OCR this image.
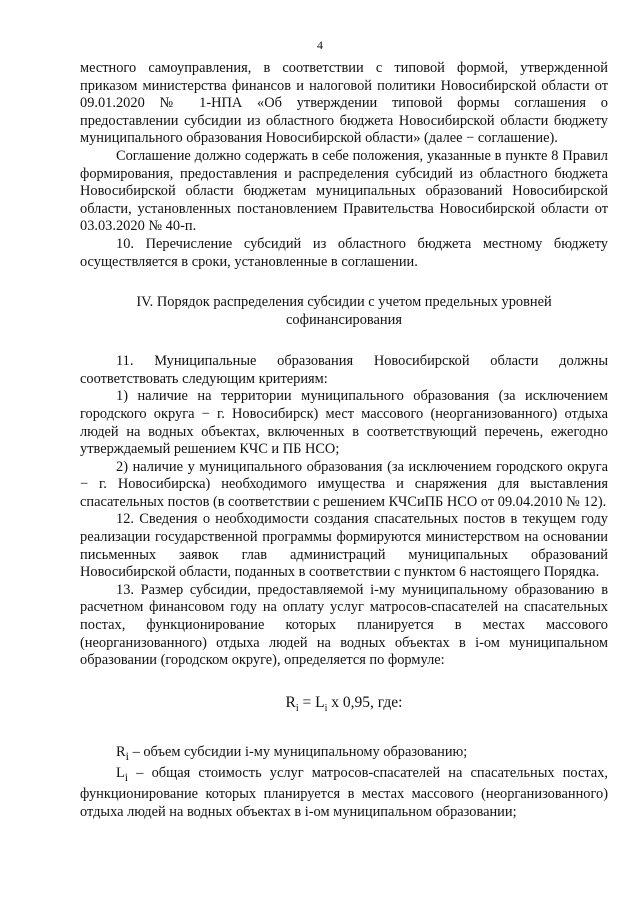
4

местного самоуправления, в соответствии с типовой формой, утвержденной приказом министерства финансов и налоговой политики Новосибирской области от 09.01.2020 № 1-НПА «Об утверждении типовой формы соглашения о предоставлении субсидии из областного бюджета Новосибирской области бюджету муниципального образования Новосибирской области» (далее − соглашение).

Соглашение должно содержать в себе положения, указанные в пункте 8 Правил формирования, предоставления и распределения субсидий из областного бюджета Новосибирской области бюджетам муниципальных образований Новосибирской области, установленных постановлением Правительства Новосибирской области от 03.03.2020 № 40-п.

10. Перечисление субсидий из областного бюджета местному бюджету осуществляется в сроки, установленные в соглашении.

IV. Порядок распределения субсидии с учетом предельных уровней софинансирования

11. Муниципальные образования Новосибирской области должны соответствовать следующим критериям:

1) наличие на территории муниципального образования (за исключением городского округа − г. Новосибирск) мест массового (неорганизованного) отдыха людей на водных объектах, включенных в соответствующий перечень, ежегодно утверждаемый решением КЧС и ПБ НСО;

2) наличие у муниципального образования (за исключением городского округа − г. Новосибирска) необходимого имущества и снаряжения для выставления спасательных постов (в соответствии с решением КЧСиПБ НСО от 09.04.2010 № 12).

12. Сведения о необходимости создания спасательных постов в текущем году реализации государственной программы формируются министерством на основании письменных заявок глав администраций муниципальных образований Новосибирской области, поданных в соответствии с пунктом 6 настоящего Порядка.

13. Размер субсидии, предоставляемой i-му муниципальному образованию в расчетном финансовом году на оплату услуг матросов-спасателей на спасательных постах, функционирование которых планируется в местах массового (неорганизованного) отдыха людей на водных объектах в i-ом муниципальном образовании (городском округе), определяется по формуле:

$R_i = L_i$ x 0,95, где:

$R_i$ – объем субсидии i-му муниципальному образованию;

$L_i$ – общая стоимость услуг матросов-спасателей на спасательных постах, функционирование которых планируется в местах массового (неорганизованного) отдыха людей на водных объектах в i-ом муниципальном образовании;
